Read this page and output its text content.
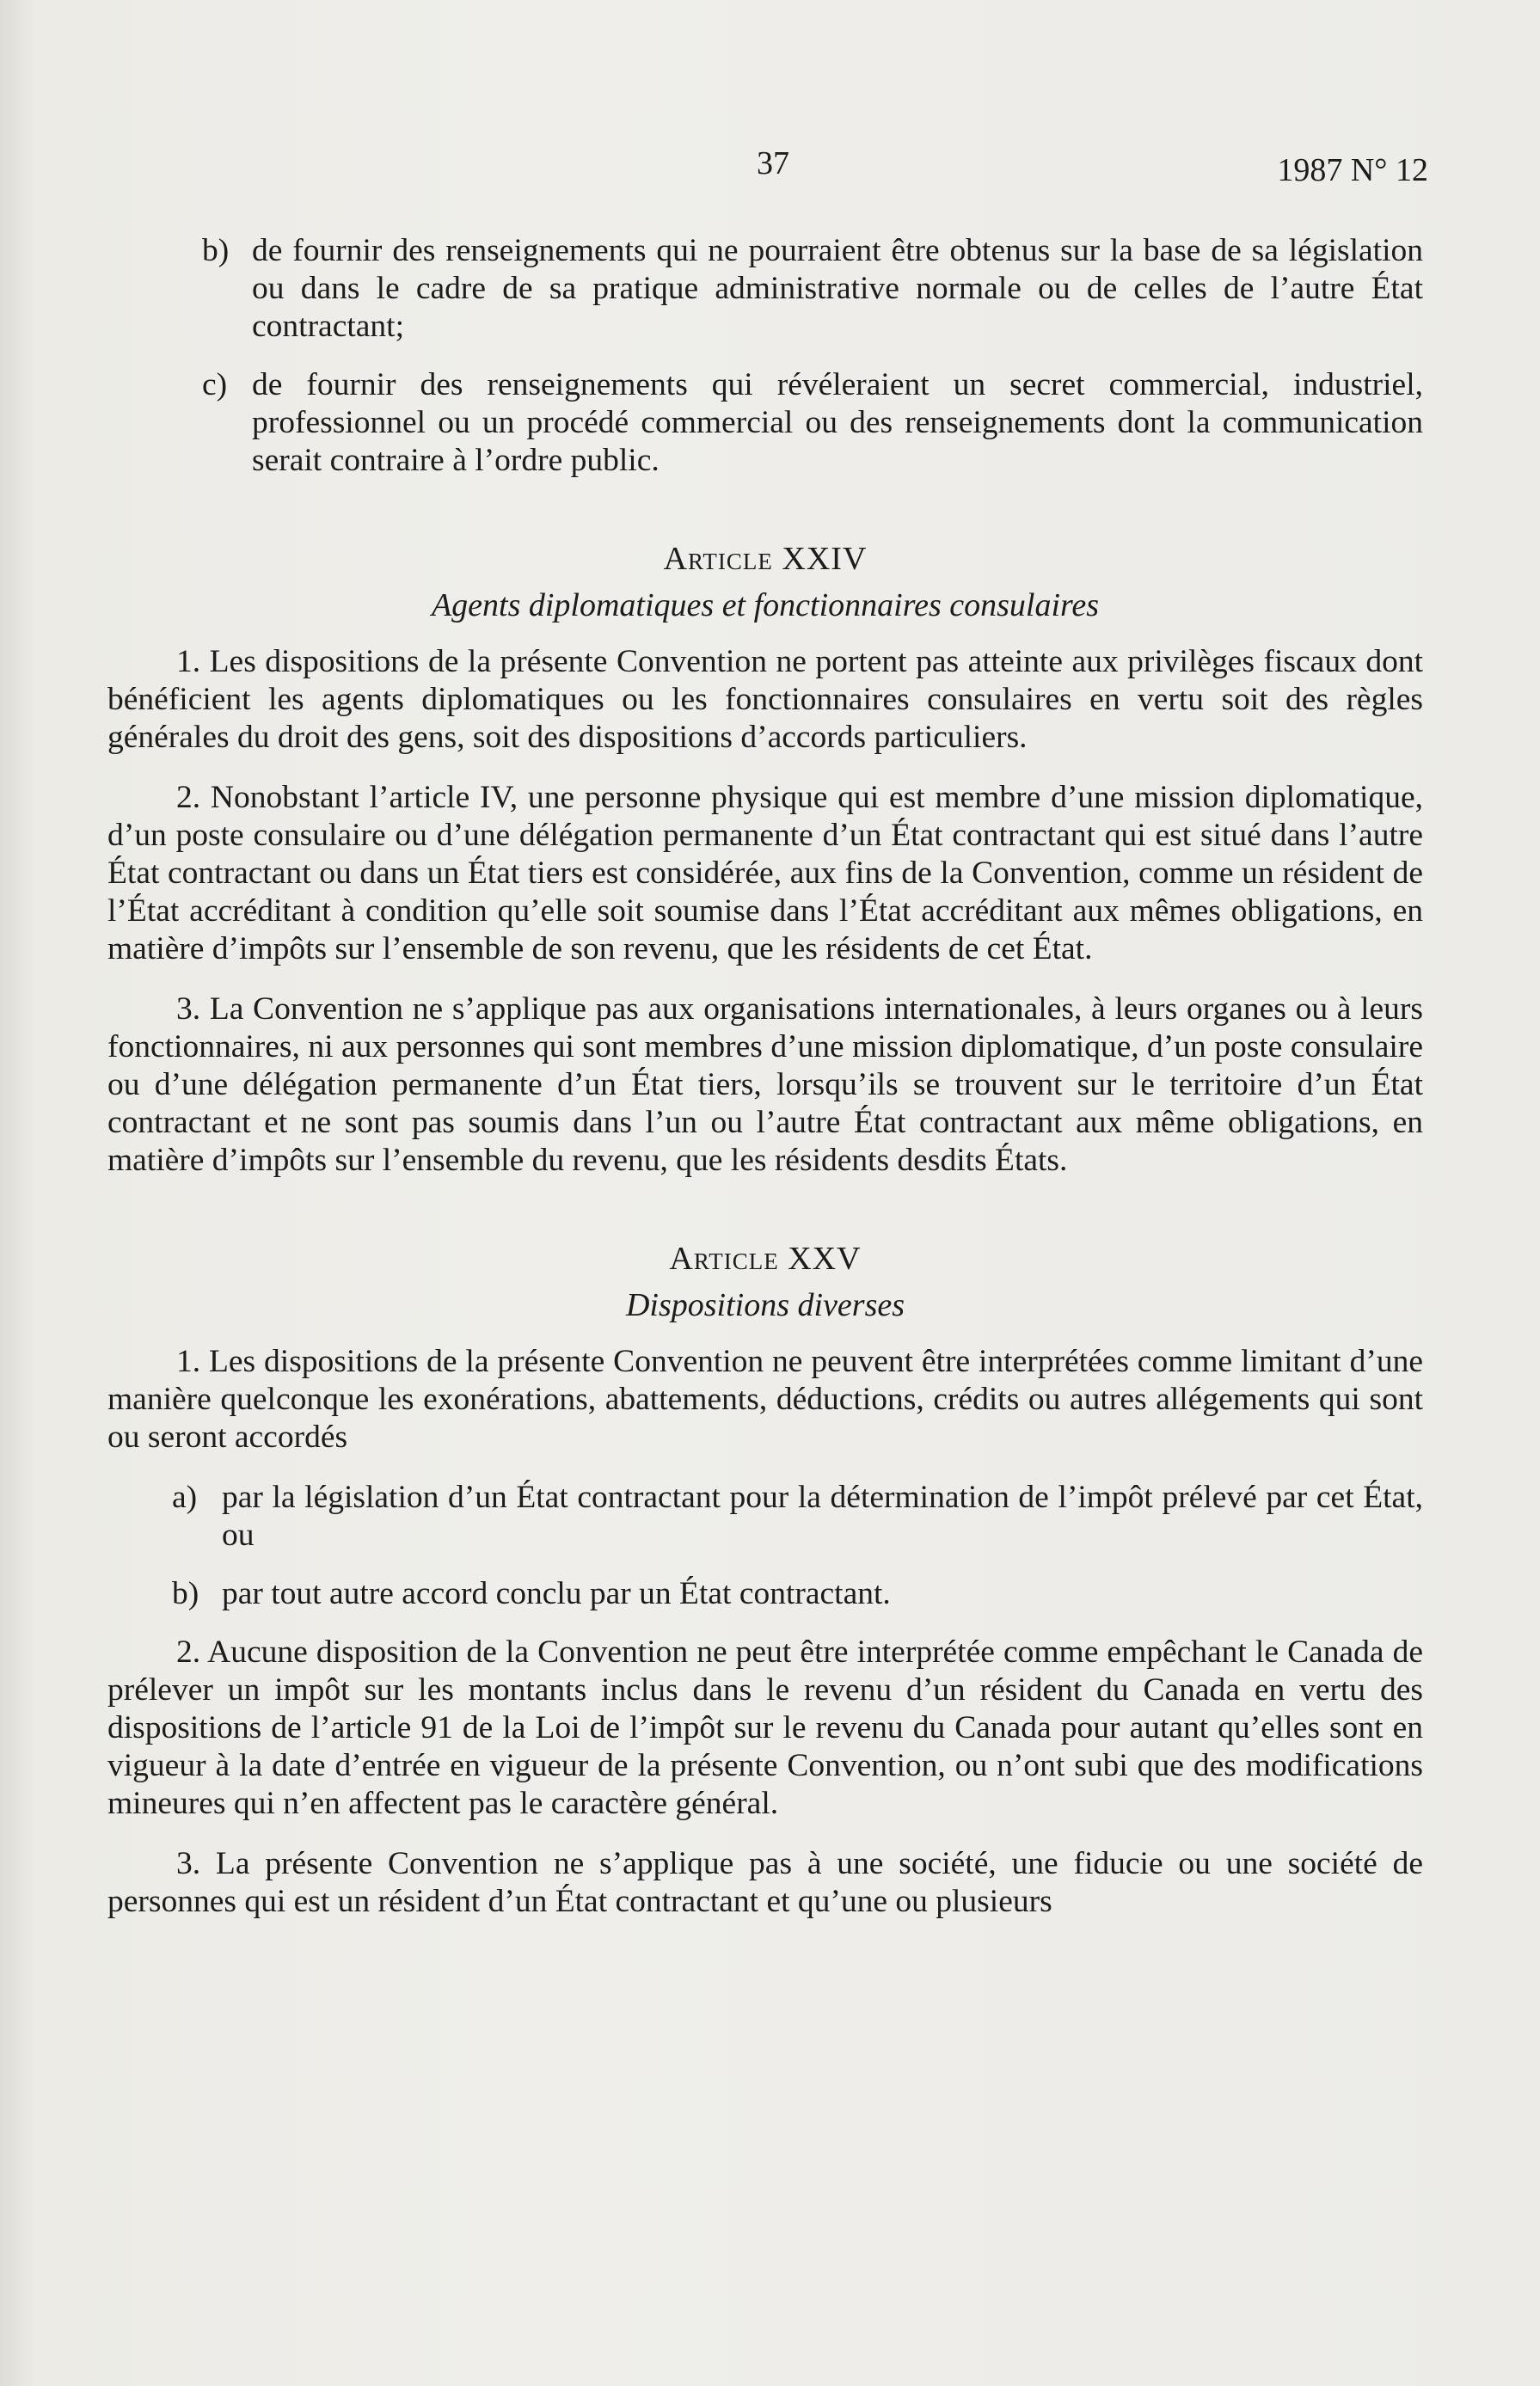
37	1987 N° 12
b) de fournir des renseignements qui ne pourraient être obtenus sur la base de sa législation ou dans le cadre de sa pratique administrative normale ou de celles de l’autre État contractant;
c) de fournir des renseignements qui révéleraient un secret commercial, industriel, professionnel ou un procédé commercial ou des renseignements dont la communication serait contraire à l’ordre public.
Article XXIV
Agents diplomatiques et fonctionnaires consulaires

1. Les dispositions de la présente Convention ne portent pas atteinte aux privilèges fiscaux dont bénéficient les agents diplomatiques ou les fonctionnaires consulaires en vertu soit des règles générales du droit des gens, soit des dispositions d’accords particuliers.

2. Nonobstant l’article IV, une personne physique qui est membre d’une mission diplomatique, d’un poste consulaire ou d’une délégation permanente d’un État contractant qui est situé dans l’autre État contractant ou dans un État tiers est considérée, aux fins de la Convention, comme un résident de l’État accréditant à condition qu’elle soit soumise dans l’État accréditant aux mêmes obligations, en matière d’impôts sur l’ensemble de son revenu, que les résidents de cet État.

3. La Convention ne s’applique pas aux organisations internationales, à leurs organes ou à leurs fonctionnaires, ni aux personnes qui sont membres d’une mission diplomatique, d’un poste consulaire ou d’une délégation permanente d’un État tiers, lorsqu’ils se trouvent sur le territoire d’un État contractant et ne sont pas soumis dans l’un ou l’autre État contractant aux même obligations, en matière d’impôts sur l’ensemble du revenu, que les résidents desdits États.

Article XXV
Dispositions diverses

1. Les dispositions de la présente Convention ne peuvent être interprétées comme limitant d’une manière quelconque les exonérations, abattements, déductions, crédits ou autres allégements qui sont ou seront accordés

a) par la législation d’un État contractant pour la détermination de l’impôt prélevé par cet État, ou
b) par tout autre accord conclu par un État contractant.

2. Aucune disposition de la Convention ne peut être interprétée comme empêchant le Canada de prélever un impôt sur les montants inclus dans le revenu d’un résident du Canada en vertu des dispositions de l’article 91 de la Loi de l’impôt sur le revenu du Canada pour autant qu’elles sont en vigueur à la date d’entrée en vigueur de la présente Convention, ou n’ont subi que des modifications mineures qui n’en affectent pas le caractère général.

3. La présente Convention ne s’applique pas à une société, une fiducie ou une société de personnes qui est un résident d’un État contractant et qu’une ou plusieurs
